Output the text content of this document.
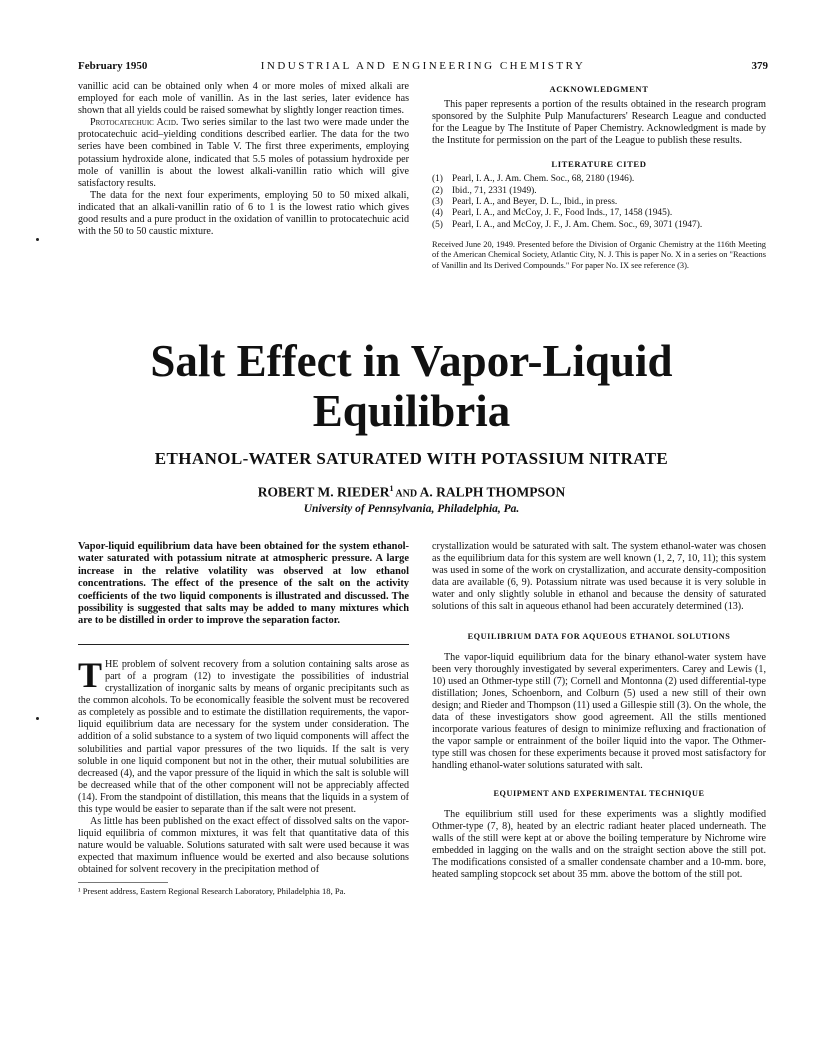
February 1950	INDUSTRIAL AND ENGINEERING CHEMISTRY	379

vanillic acid can be obtained only when 4 or more moles of mixed alkali are employed for each mole of vanillin. As in the last series, later evidence has shown that all yields could be raised somewhat by slightly longer reaction times.

Protocatechuic Acid. Two series similar to the last two were made under the protocatechuic acid–yielding conditions described earlier. The data for the two series have been combined in Table V. The first three experiments, employing potassium hydroxide alone, indicated that 5.5 moles of potassium hydroxide per mole of vanillin is about the lowest alkali-vanillin ratio which will give satisfactory results.

The data for the next four experiments, employing 50 to 50 mixed alkali, indicated that an alkali-vanillin ratio of 6 to 1 is the lowest ratio which gives good results and a pure product in the oxidation of vanillin to protocatechuic acid with the 50 to 50 caustic mixture.

ACKNOWLEDGMENT

This paper represents a portion of the results obtained in the research program sponsored by the Sulphite Pulp Manufacturers' Research League and conducted for the League by The Institute of Paper Chemistry. Acknowledgment is made by the Institute for permission on the part of the League to publish these results.

LITERATURE CITED

(1) Pearl, I. A., J. Am. Chem. Soc., 68, 2180 (1946).
(2) Ibid., 71, 2331 (1949).
(3) Pearl, I. A., and Beyer, D. L., Ibid., in press.
(4) Pearl, I. A., and McCoy, J. F., Food Inds., 17, 1458 (1945).
(5) Pearl, I. A., and McCoy, J. F., J. Am. Chem. Soc., 69, 3071 (1947).

Received June 20, 1949. Presented before the Division of Organic Chemistry at the 116th Meeting of the American Chemical Society, Atlantic City, N. J. This is paper No. X in a series on "Reactions of Vanillin and Its Derived Compounds." For paper No. IX see reference (3).

Salt Effect in Vapor-Liquid
Equilibria
ETHANOL-WATER SATURATED WITH POTASSIUM NITRATE

ROBERT M. RIEDER$^1$ AND A. RALPH THOMPSON

University of Pennsylvania, Philadelphia, Pa.

Vapor-liquid equilibrium data have been obtained for the system ethanol-water saturated with potassium nitrate at atmospheric pressure. A large increase in the relative volatility was observed at low ethanol concentrations. The effect of the presence of the salt on the activity coefficients of the two liquid components is illustrated and discussed. The possibility is suggested that salts may be added to many mixtures which are to be distilled in order to improve the separation factor.

THE problem of solvent recovery from a solution containing salts arose as part of a program (12) to investigate the possibilities of industrial crystallization of inorganic salts by means of organic precipitants such as the common alcohols. To be economically feasible the solvent must be recovered as completely as possible and to estimate the distillation requirements, the vapor-liquid equilibrium data are necessary for the system under consideration. The addition of a solid substance to a system of two liquid components will affect the solubilities and partial vapor pressures of the two liquids. If the salt is very soluble in one liquid component but not in the other, their mutual solubilities are decreased (4), and the vapor pressure of the liquid in which the salt is soluble will be decreased while that of the other component will not be appreciably affected (14). From the standpoint of distillation, this means that the liquids in a system of this type would be easier to separate than if the salt were not present.

As little has been published on the exact effect of dissolved salts on the vapor-liquid equilibria of common mixtures, it was felt that quantitative data of this nature would be valuable. Solutions saturated with salt were used because it was expected that maximum influence would be exerted and also because solutions obtained for solvent recovery in the precipitation method of

¹ Present address, Eastern Regional Research Laboratory, Philadelphia 18, Pa.

crystallization would be saturated with salt. The system ethanol-water was chosen as the equilibrium data for this system are well known (1, 2, 7, 10, 11); this system was used in some of the work on crystallization, and accurate density-composition data are available (6, 9). Potassium nitrate was used because it is very soluble in water and only slightly soluble in ethanol and because the density of saturated solutions of this salt in aqueous ethanol had been accurately determined (13).

EQUILIBRIUM DATA FOR AQUEOUS ETHANOL SOLUTIONS

The vapor-liquid equilibrium data for the binary ethanol-water system have been very thoroughly investigated by several experimenters. Carey and Lewis (1, 10) used an Othmer-type still (7); Cornell and Montonna (2) used differential-type distillation; Jones, Schoenborn, and Colburn (5) used a new still of their own design; and Rieder and Thompson (11) used a Gillespie still (3). On the whole, the data of these investigators show good agreement. All the stills mentioned incorporate various features of design to minimize refluxing and fractionation of the vapor sample or entrainment of the boiler liquid into the vapor. The Othmer-type still was chosen for these experiments because it proved most satisfactory for handling ethanol-water solutions saturated with salt.

EQUIPMENT AND EXPERIMENTAL TECHNIQUE

The equilibrium still used for these experiments was a slightly modified Othmer-type (7, 8), heated by an electric radiant heater placed underneath. The walls of the still were kept at or above the boiling temperature by Nichrome wire embedded in lagging on the walls and on the straight section above the still pot. The modifications consisted of a smaller condensate chamber and a 10-mm. bore, heated sampling stopcock set about 35 mm. above the bottom of the still pot.
